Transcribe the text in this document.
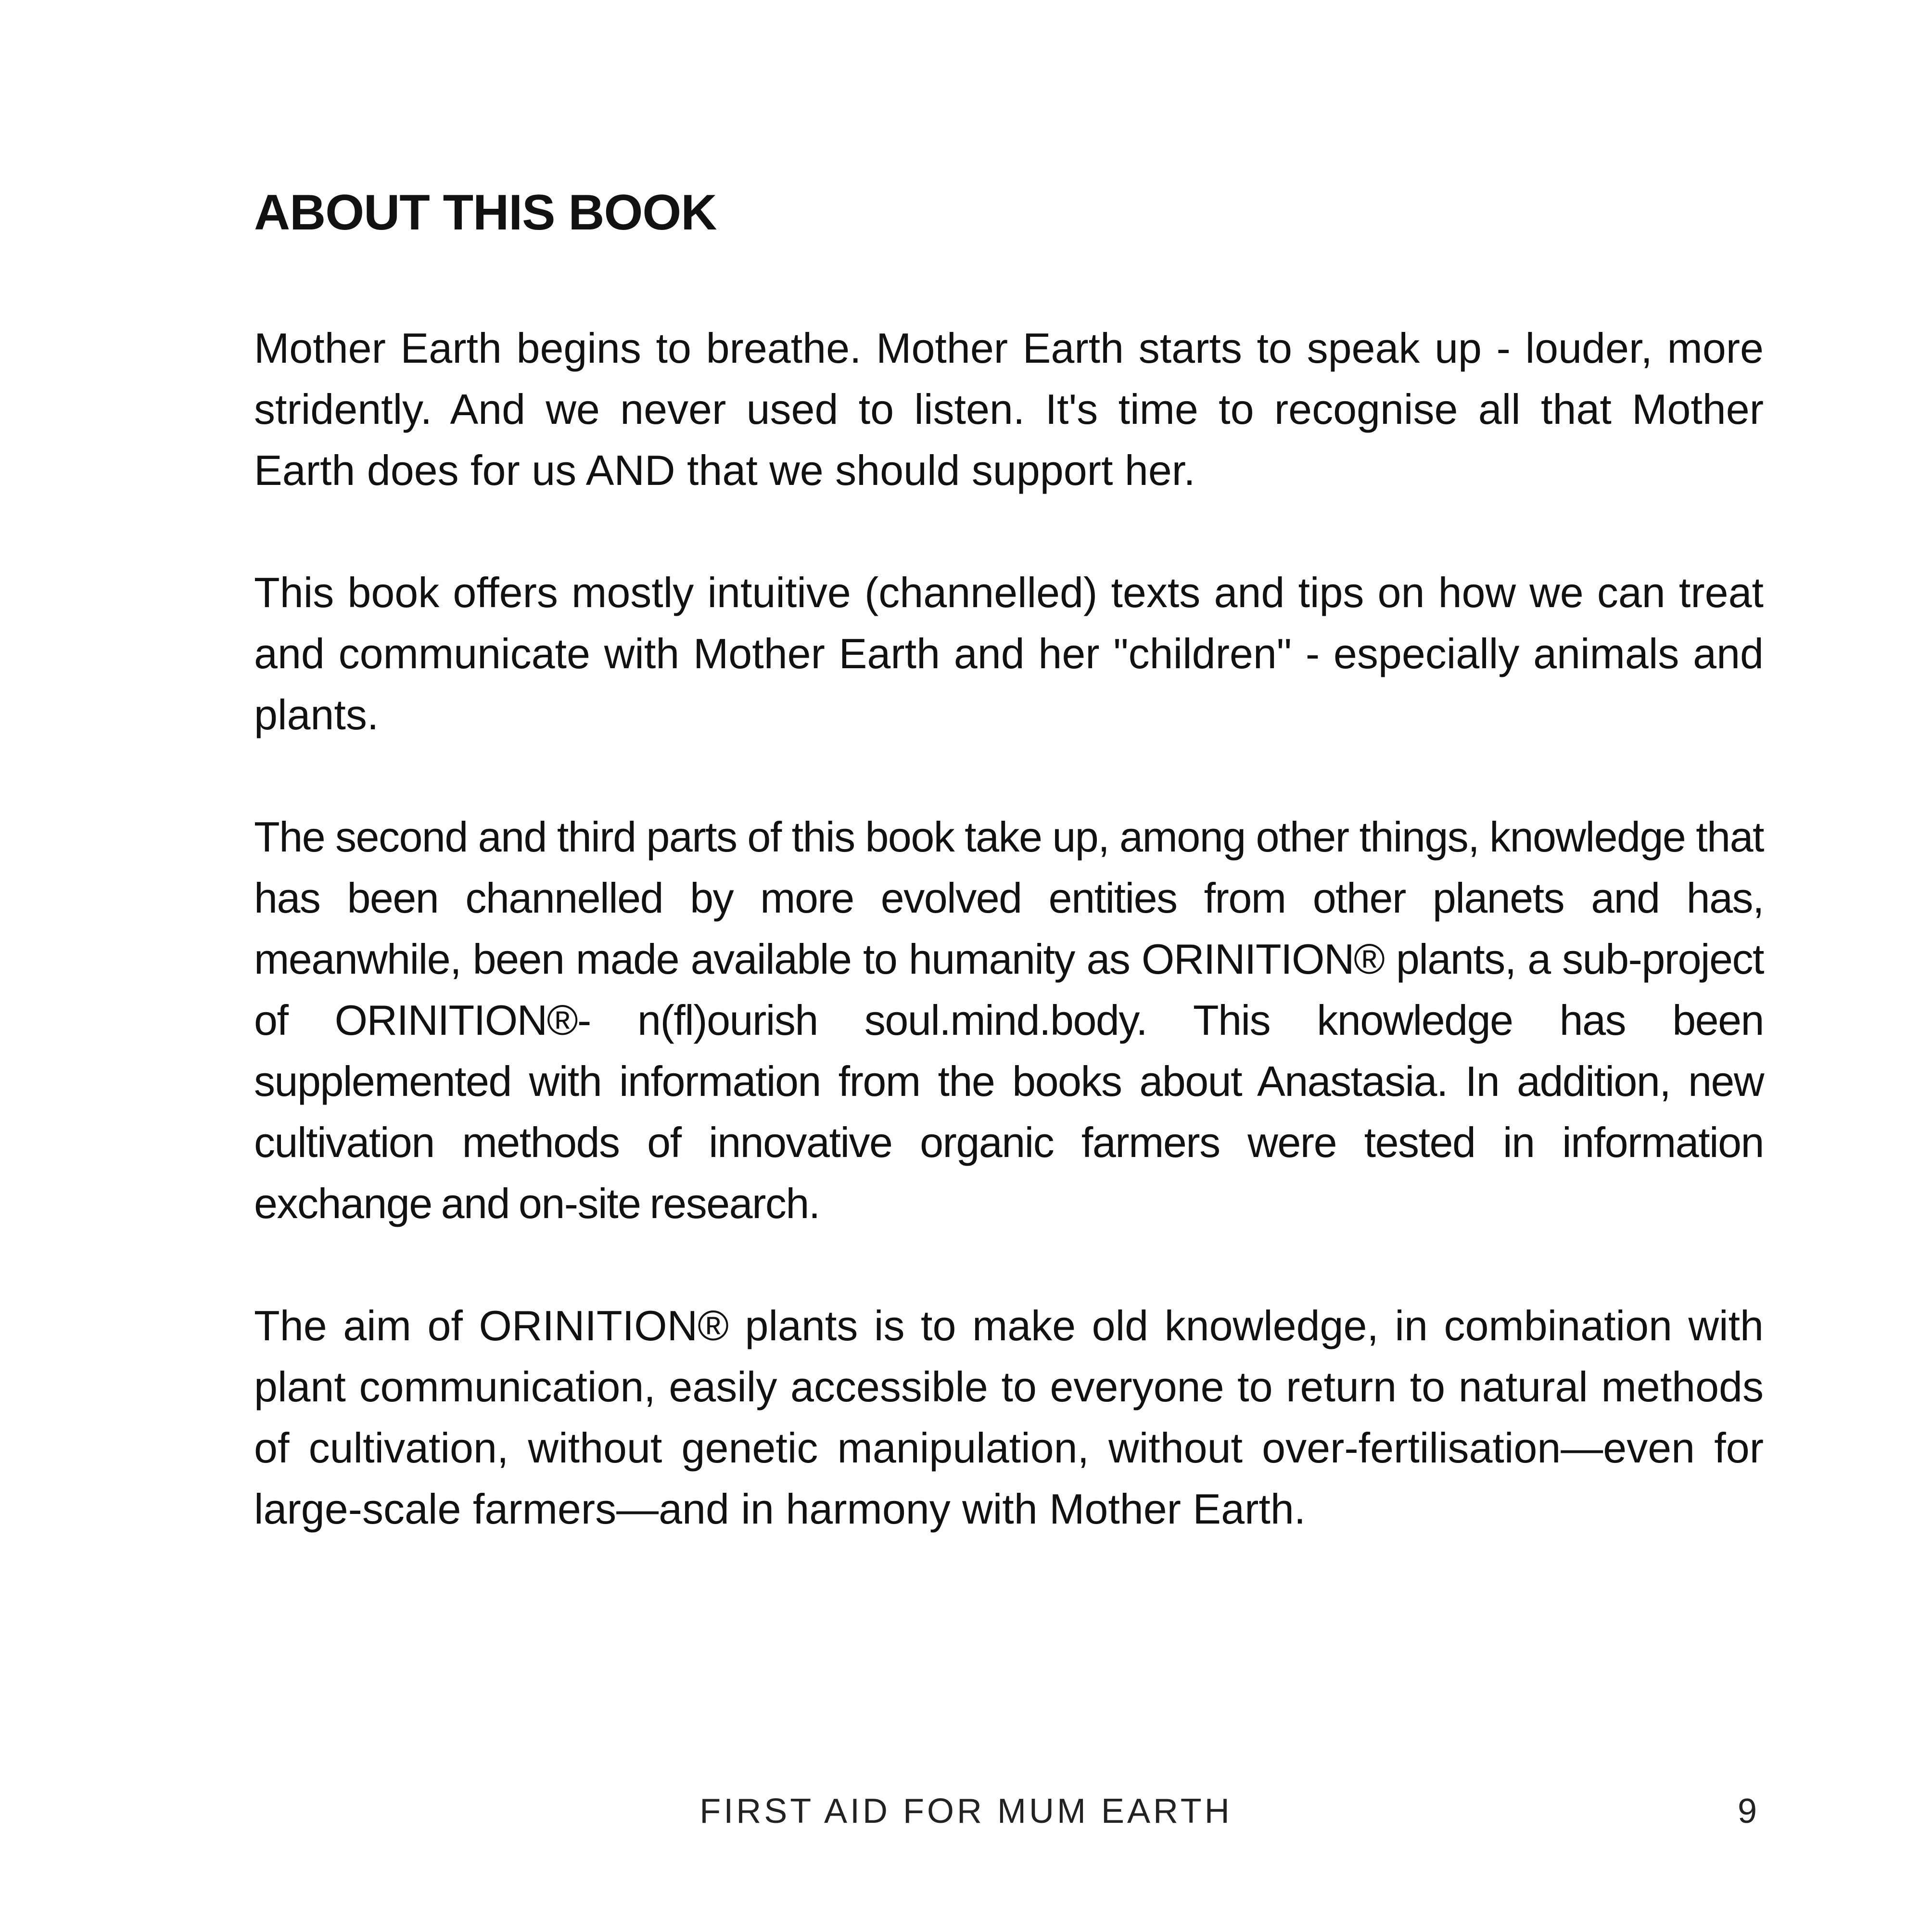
ABOUT THIS BOOK

Mother Earth begins to breathe. Mother Earth starts to speak up - louder, more stridently. And we never used to listen. It's time to recognise all that Mother Earth does for us AND that we should support her.

This book offers mostly intuitive (channelled) texts and tips on how we can treat and communicate with Mother Earth and her "children" - especially animals and plants.

The second and third parts of this book take up, among other things, knowledge that has been channelled by more evolved entities from other planets and has, meanwhile, been made available to humanity as ORINITION® plants, a sub-project of ORINITION®- n(fl)ourish soul.mind.body. This knowledge has been supplemented with information from the books about Anastasia. In addition, new cultivation methods of innovative organic farmers were tested in information exchange and on-site research.

The aim of ORINITION® plants is to make old knowledge, in combination with plant communication, easily accessible to everyone to return to natural methods of cultivation, without genetic manipulation, without over-fertilisation—even for large-scale farmers—and in harmony with Mother Earth.

FIRST AID FOR MUM EARTH	9
